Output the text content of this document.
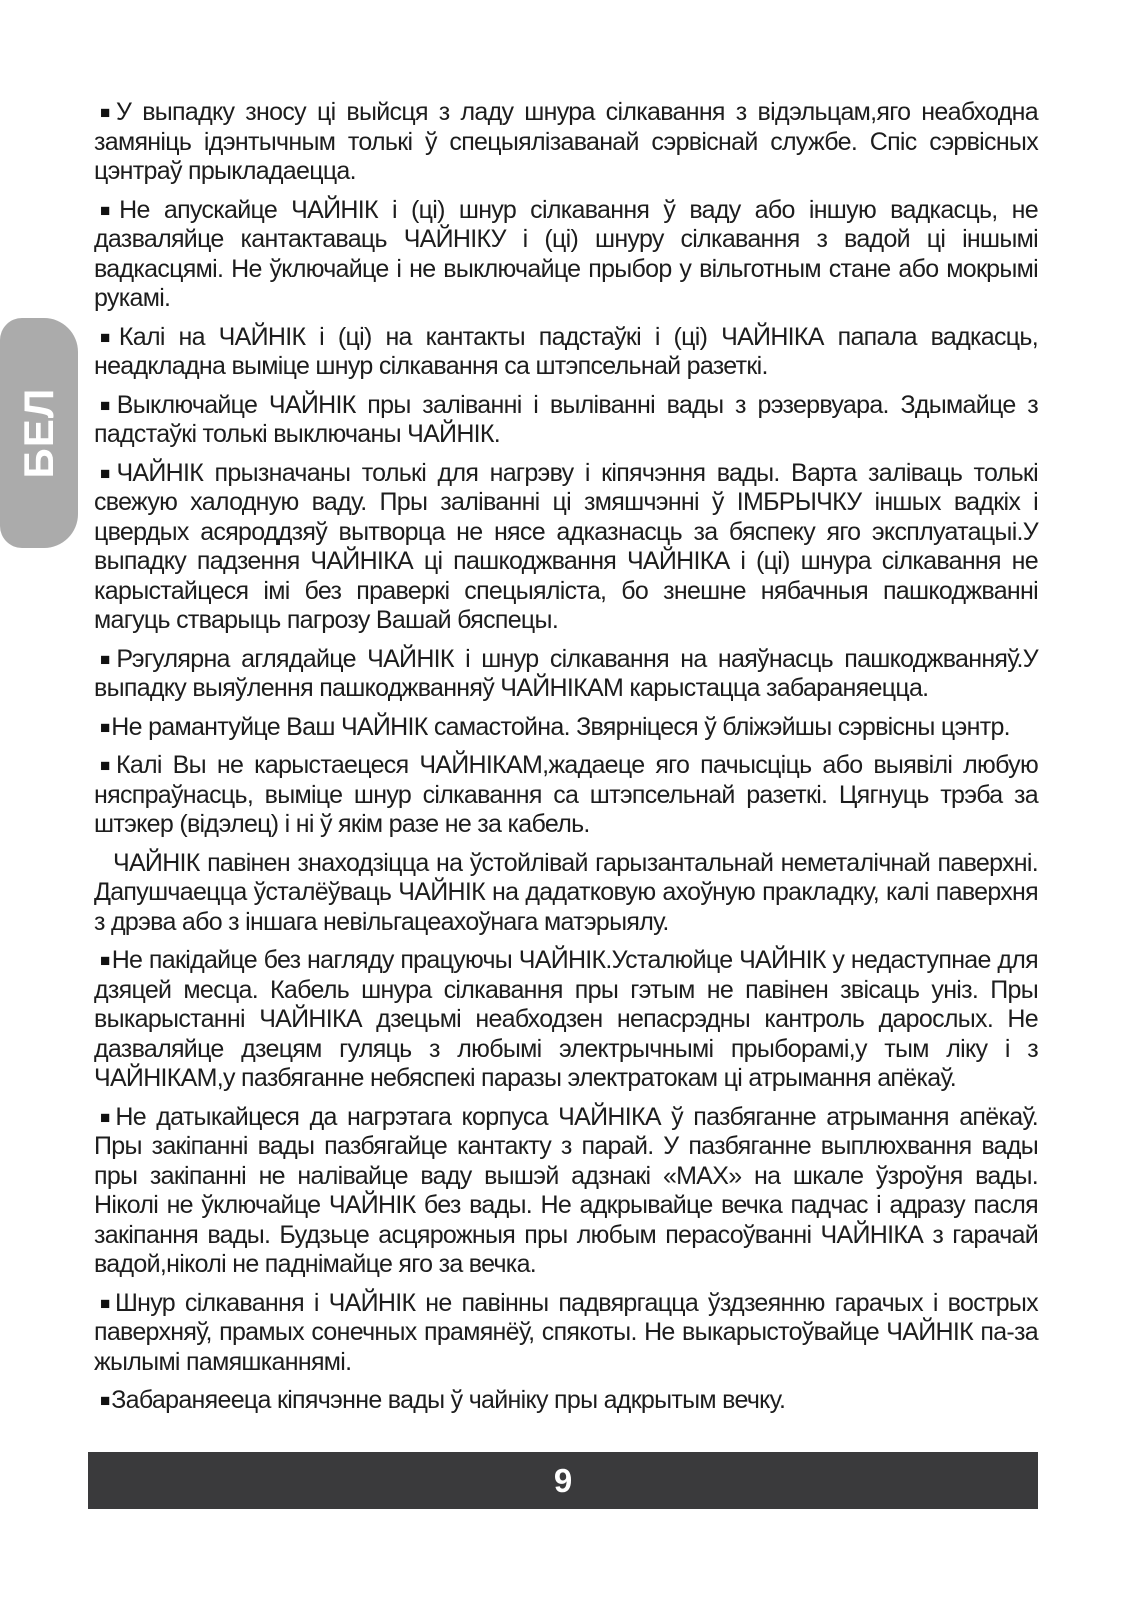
БЕЛ

■У выпадку зносу ці выйсця з ладу шнура сілкавання з відэльцам,яго неабходна замяніць ідэнтычным толькі ў спецыялізаванай сэрвіснай службе. Спіс сэрвісных цэнтраў прыкладаецца.

■Не апускайце ЧАЙНІК і (ці) шнур сілкавання ў ваду або іншую вадкасць, не дазваляйце кантактаваць ЧАЙНІКУ і (ці) шнуру сілкавання з вадой ці іншымі вадкасцямі. Не ўключайце і не выключайце прыбор у вільготным стане або мокрымі рукамі.

■Калі на ЧАЙНІК і (ці) на кантакты падстаўкі і (ці) ЧАЙНІКА папала вадкасць, неадкладна выміце шнур сілкавання са штэпсельнай разеткі.

■Выключайце ЧАЙНІК пры заліванні і выліванні вады з рэзервуара. Здымайце з падстаўкі толькі выключаны ЧАЙНІК.

■ЧАЙНІК прызначаны толькі для нагрэву і кіпячэння вады. Варта заліваць толькі свежую халодную ваду. Пры заліванні ці змяшчэнні ў ІМБРЫЧКУ іншых вадкіх і цвердых асяроддзяў вытворца не нясе адказнасць за бяспеку яго эксплуатацыі.У выпадку падзення ЧАЙНІКА ці пашкоджвання ЧАЙНІКА і (ці) шнура сілкавання не карыстайцеся імі без праверкі спецыяліста, бо знешне нябачныя пашкоджванні магуць стварыць пагрозу Вашай бяспецы.

■Рэгулярна аглядайце ЧАЙНІК і шнур сілкавання на наяўнасць пашкоджванняў.У выпадку выяўлення пашкоджванняў ЧАЙНІКАМ карыстацца забараняецца.

■Не рамантуйце Ваш ЧАЙНІК самастойна. Звярніцеся ў бліжэйшы сэрвісны цэнтр.

■Калі Вы не карыстаецеся ЧАЙНІКАМ,жадаеце яго пачысціць або выявілі любую няспраўнасць, выміце шнур сілкавання са штэпсельнай разеткі. Цягнуць трэба за штэкер (відэлец) і ні ў якім разе не за кабель.

ЧАЙНІК павінен знаходзіцца на ўстойлівай гарызантальнай неметалічнай паверхні. Дапушчаецца ўсталёўваць ЧАЙНІК на дадатковую ахоўную пракладку, калі паверхня з дрэва або з іншага невільгацеахоўнага матэрыялу.

■Не пакідайце без нагляду працуючы ЧАЙНІК.Усталюйце ЧАЙНІК у недаступнае для дзяцей месца. Кабель шнура сілкавання пры гэтым не павінен звісаць уніз. Пры выкарыстанні ЧАЙНІКА дзецьмі неабходзен непасрэдны кантроль дарослых. Не дазваляйце дзецям гуляць з любымі электрычнымі прыборамі,у тым ліку і з ЧАЙНІКАМ,у пазбяганне небяспекі паразы электратокам ці атрымання апёкаў.

■Не датыкайцеся да нагрэтага корпуса ЧАЙНІКА ў пазбяганне атрымання апёкаў. Пры закіпанні вады пазбягайце кантакту з парай. У пазбяганне выплюхвання вады пры закіпанні не налівайце ваду вышэй адзнакі «MAX» на шкале ўзроўня вады. Ніколі не ўключайце ЧАЙНІК без вады. Не адкрывайце вечка падчас і адразу пасля закіпання вады. Будзьце асцярожныя пры любым перасоўванні ЧАЙНІКА з гарачай вадой,ніколі не паднімайце яго за вечка.

■Шнур сілкавання і ЧАЙНІК не павінны падвяргацца ўздзеянню гарачых і вострых паверхняў, прамых сонечных прамянёў, спякоты. Не выкарыстоўвайце ЧАЙНІК па-за жылымі памяшканнямі.

■Забараняееца кіпячэнне вады ў чайніку пры адкрытым вечку.

9
